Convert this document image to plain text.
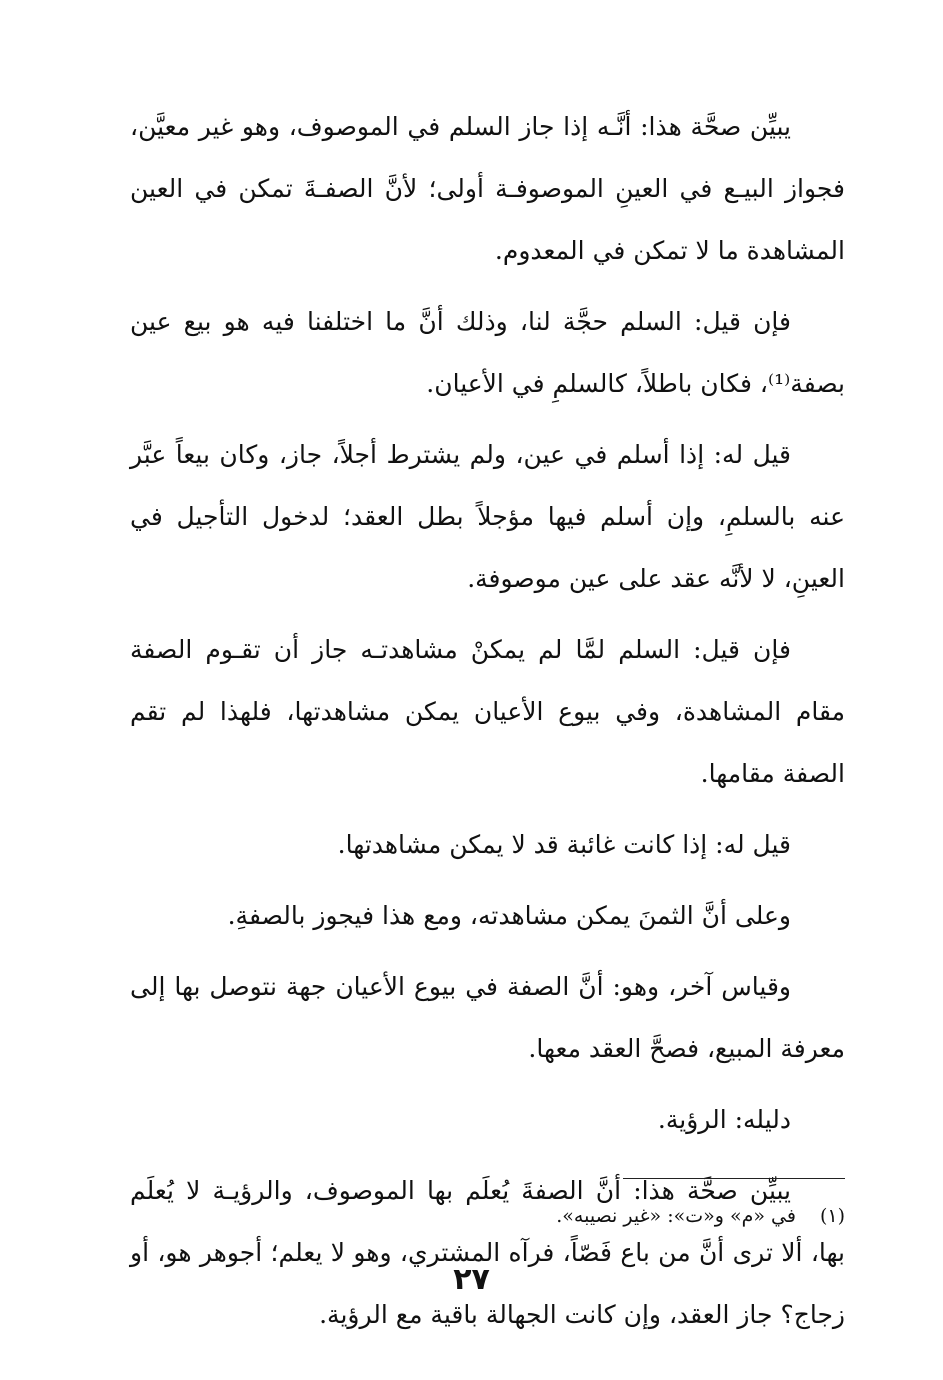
يبيِّن صحَّة هذا: أنَّـه إذا جاز السلم في الموصوف، وهو غير معيَّن، فجواز البيـع في العينِ الموصوفـة أولى؛ لأنَّ الصفـةَ تمكن في العين المشاهدة ما لا تمكن في المعدوم.

فإن قيل: السلم حجَّة لنا، وذلك أنَّ ما اختلفنا فيه هو بيع عين بصفة⁽¹⁾، فكان باطلاً، كالسلمِ في الأعيان.

قيل له: إذا أسلم في عين، ولم يشترط أجلاً، جاز، وكان بيعاً عبَّر عنه بالسلمِ، وإن أسلم فيها مؤجلاً بطل العقد؛ لدخول التأجيل في العينِ، لا لأنَّه عقد على عين موصوفة.

فإن قيل: السلم لمَّا لم يمكنْ مشاهدتـه جاز أن تقـوم الصفة مقام المشاهدة، وفي بيوع الأعيان يمكن مشاهدتها، فلهذا لم تقم الصفة مقامها.

قيل له: إذا كانت غائبة قد لا يمكن مشاهدتها.

وعلى أنَّ الثمنَ يمكن مشاهدته، ومع هذا فيجوز بالصفةِ.

وقياس آخر، وهو: أنَّ الصفة في بيوع الأعيان جهة نتوصل بها إلى معرفة المبيع، فصحَّ العقد معها.

دليله: الرؤية.

يبيِّن صحَّة هذا: أنَّ الصفةَ يُعلَم بها الموصوف، والرؤيـة لا يُعلَم بها، ألا ترى أنَّ من باع فَصّاً، فرآه المشتري، وهو لا يعلم؛ أجوهر هو، أو زجاج؟ جاز العقد، وإن كانت الجهالة باقية مع الرؤية.

(١)في «م» و«ت»: «غير نصيبه».
٢٧
